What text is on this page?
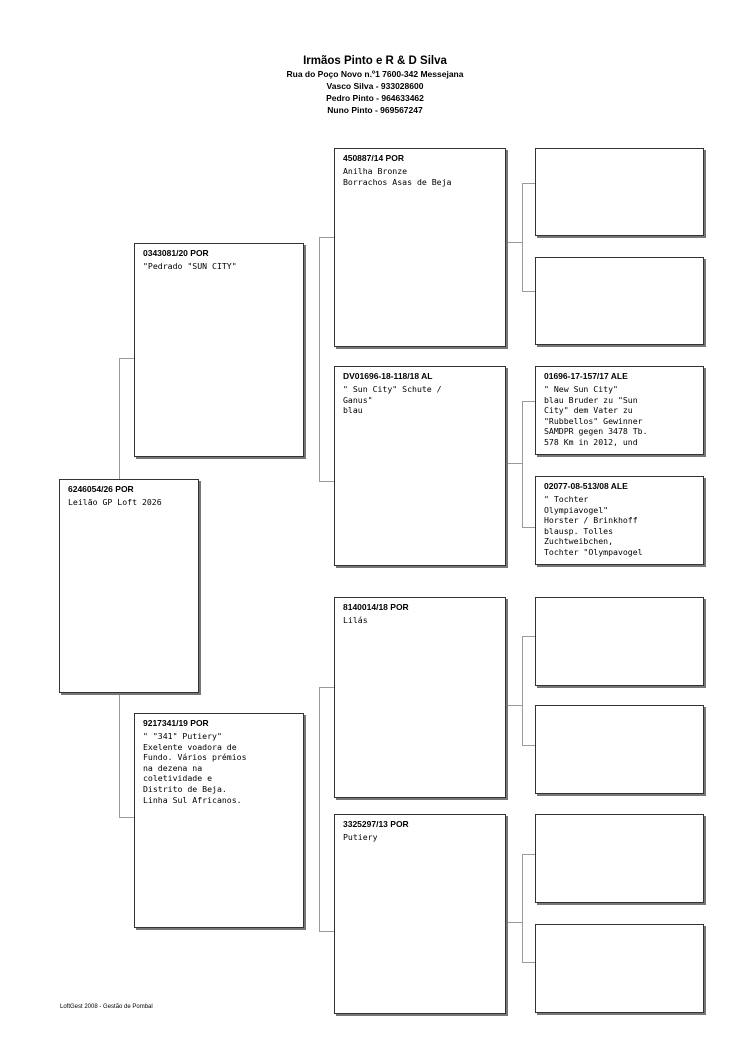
Irmãos Pinto e R & D Silva
Rua do Poço Novo n.º1 7600-342 Messejana
Vasco Silva - 933028600
Pedro Pinto - 964633462
Nuno Pinto - 969567247
6246054/26 POR
Leilão GP Loft 2026
0343081/20 POR
"Pedrado "SUN CITY"
9217341/19 POR
" "341" Putiery"
Exelente voadora de
Fundo. Vários prémios
na dezena na
coletividade e
Distrito de Beja.
Linha Sul Africanos.
450887/14 POR
Anilha Bronze
Borrachos Asas de Beja
DV01696-18-118/18 AL
" Sun City" Schute /
Ganus"
blau
8140014/18 POR
Lilás
3325297/13 POR
Putiery
01696-17-157/17 ALE
" New Sun City"
blau Bruder zu "Sun
City" dem Vater zu
"Rubbellos" Gewinner
SAMDPR gegen 3478 Tb.
578 Km in 2012, und
02077-08-513/08 ALE
" Tochter
Olympiavogel"
Horster / Brinkhoff
blausp. Tolles
Zuchtweibchen,
Tochter "Olympavogel
LoftGest 2008 - Gestão de Pombal
